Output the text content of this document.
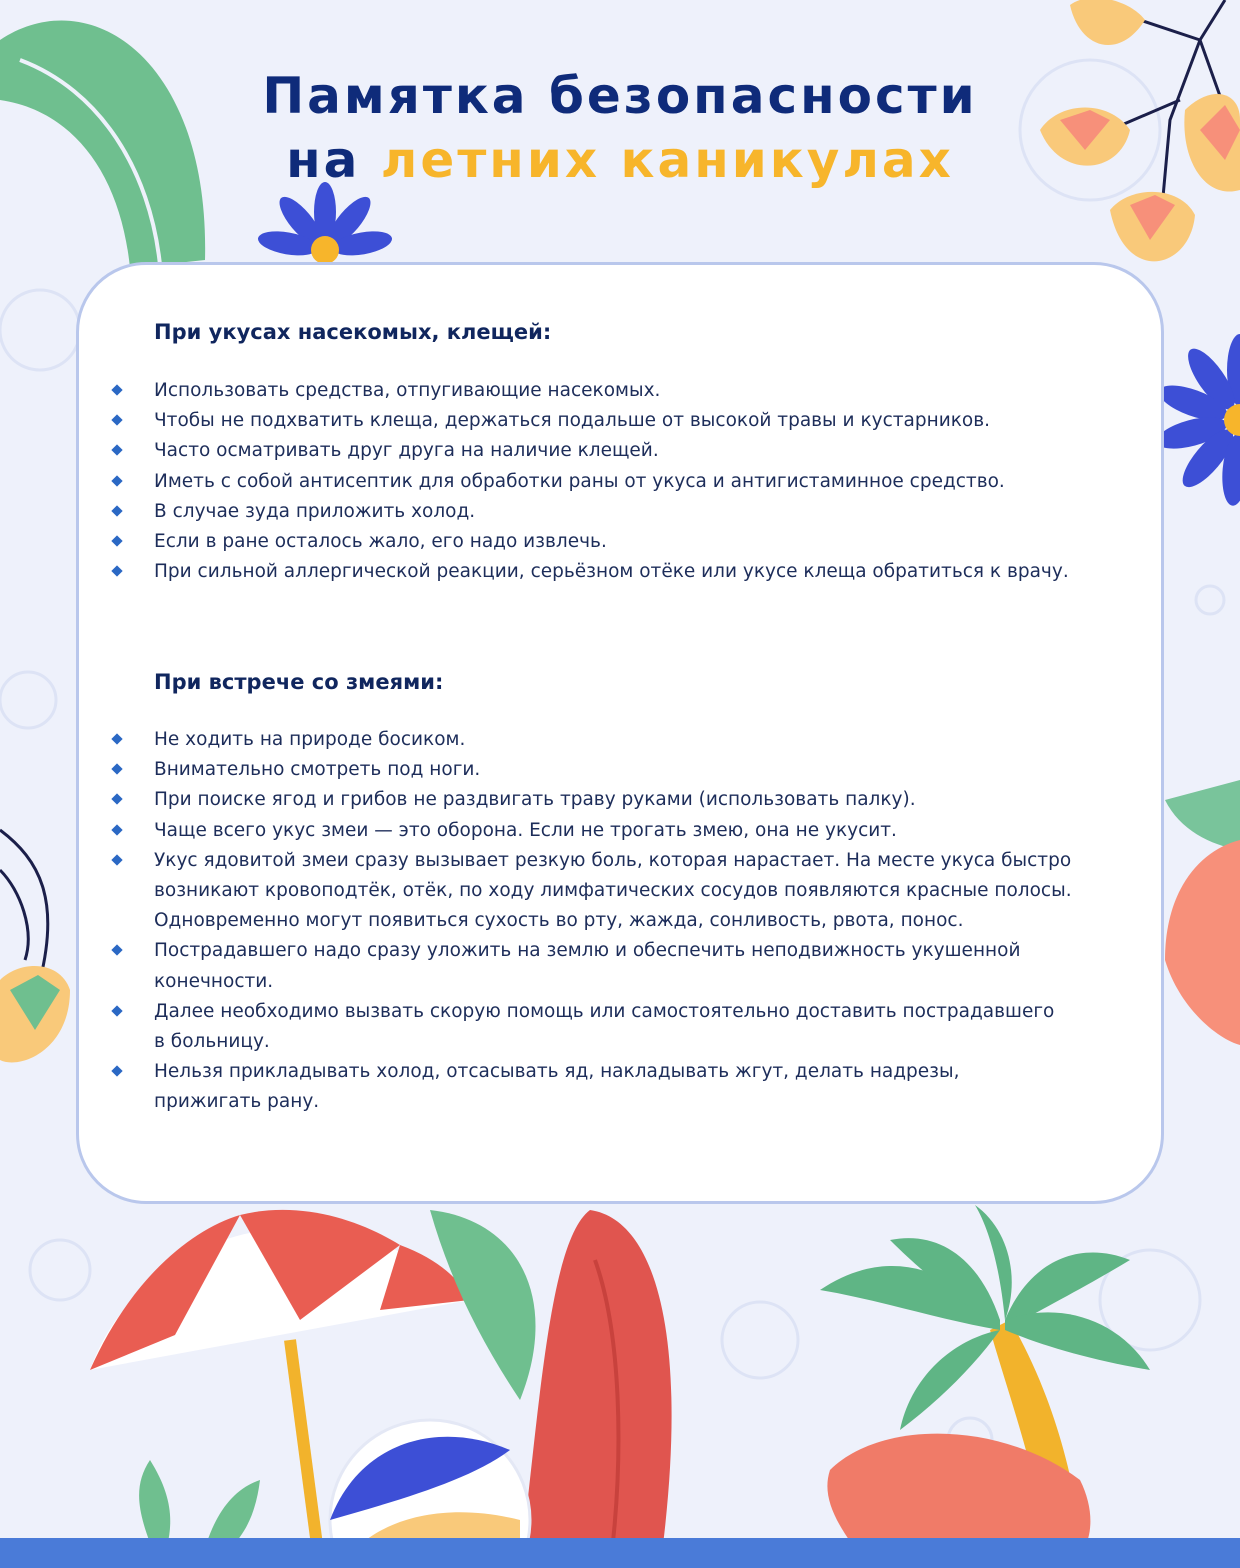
Памятка безопасности
на летних каникулах
При укусах насекомых, клещей:
Использовать средства, отпугивающие насекомых.
Чтобы не подхватить клеща, держаться подальше от высокой травы и кустарников.
Часто осматривать друг друга на наличие клещей.
Иметь с собой антисептик для обработки раны от укуса и антигистаминное средство.
В случае зуда приложить холод.
Если в ране осталось жало, его надо извлечь.
При сильной аллергической реакции, серьёзном отёке или укусе клеща обратиться к врачу.
При встрече со змеями:
Не ходить на природе босиком.
Внимательно смотреть под ноги.
При поиске ягод и грибов не раздвигать траву руками (использовать палку).
Чаще всего укус змеи — это оборона. Если не трогать змею, она не укусит.
Укус ядовитой змеи сразу вызывает резкую боль, которая нарастает. На месте укуса быстро возникают кровоподтёк, отёк, по ходу лимфатических сосудов появляются красные полосы. Одновременно могут появиться сухость во рту, жажда, сонливость, рвота, понос.
Пострадавшего надо сразу уложить на землю и обеспечить неподвижность укушенной конечности.
Далее необходимо вызвать скорую помощь или самостоятельно доставить пострадавшего в больницу.
Нельзя прикладывать холод, отсасывать яд, накладывать жгут, делать надрезы, прижигать рану.
